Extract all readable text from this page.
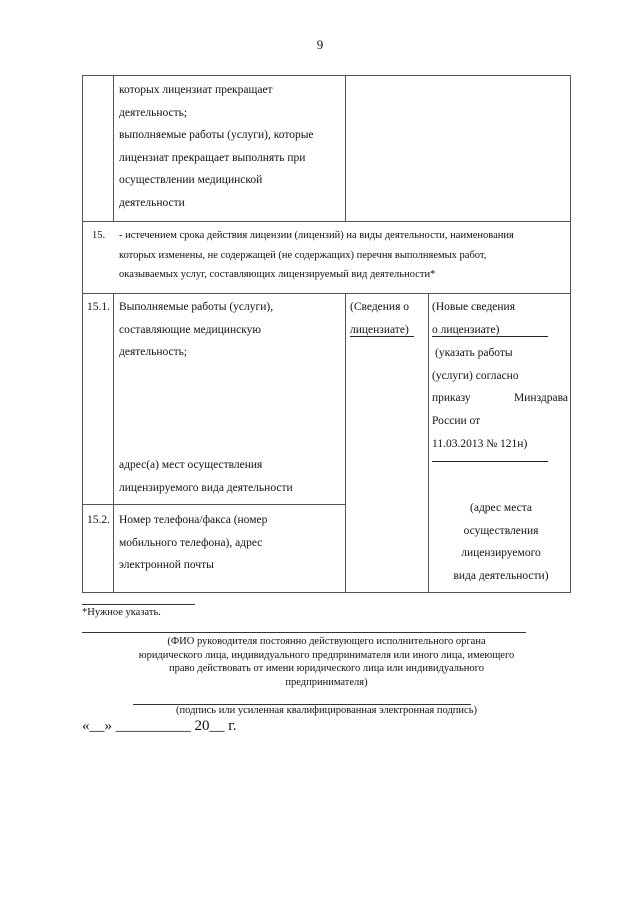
9
которых лицензиат прекращает
деятельность;
выполняемые работы (услуги), которые
лицензиат прекращает выполнять при
осуществлении медицинской
деятельности
15. - истечением срока действия лицензии (лицензий) на виды деятельности, наименования
которых изменены, не содержащей (не содержащих) перечня выполняемых работ,
оказываемых услуг, составляющих лицензируемый вид деятельности*
15.1. Выполняемые работы (услуги),
составляющие медицинскую
деятельность;
адрес(а) мест осуществления
лицензируемого вида деятельности
(Сведения о
лицензиате)
(Новые сведения
о лицензиате)
(указать работы
(услуги) согласно
приказу	Минздрава
России от
11.03.2013 № 121н)
15.2. Номер телефона/факса (номер
мобильного телефона), адрес
электронной почты
(адрес места
осуществления
лицензируемого
вида деятельности)
*Нужное указать.
(ФИО руководителя постоянно действующего исполнительного органа
юридического лица, индивидуального предпринимателя или иного лица, имеющего
право действовать от имени юридического лица или индивидуального
предпринимателя)
(подпись или усиленная квалифицированная электронная подпись)
«__» __________ 20__ г.
